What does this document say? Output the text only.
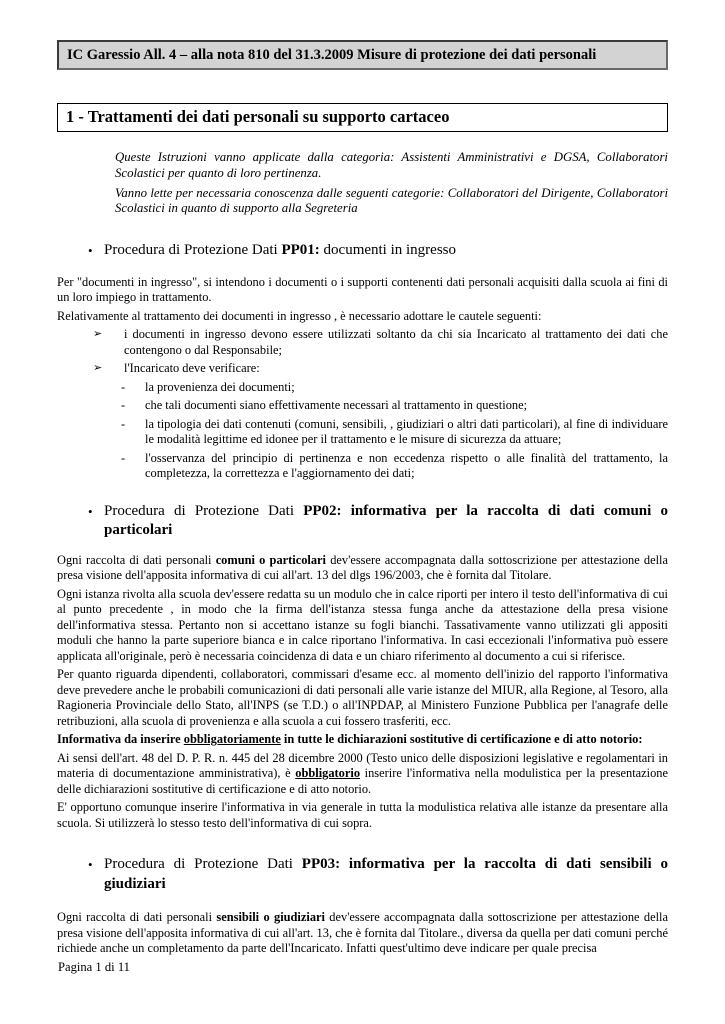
IC Garessio All. 4 – alla nota 810 del 31.3.2009 Misure di protezione dei dati personali
1 - Trattamenti dei dati personali su supporto cartaceo
Queste Istruzioni vanno applicate dalla categoria: Assistenti Amministrativi e DGSA, Collaboratori Scolastici per quanto di loro pertinenza.
Vanno lette per necessaria conoscenza dalle seguenti categorie: Collaboratori del Dirigente, Collaboratori Scolastici in quanto di supporto alla Segreteria
• Procedura di Protezione Dati PP01: documenti in ingresso
Per "documenti in ingresso", si intendono i documenti o i supporti contenenti dati personali acquisiti dalla scuola ai fini di un loro impiego in trattamento.
Relativamente al trattamento dei documenti in ingresso , è necessario adottare le cautele seguenti:
➢	i documenti in ingresso devono essere utilizzati soltanto da chi sia Incaricato al trattamento dei dati che contengono o dal Responsabile;
➢	l'Incaricato deve verificare:
-	la provenienza dei documenti;
-	che tali documenti siano effettivamente necessari al trattamento in questione;
-	la tipologia dei dati contenuti (comuni, sensibili, , giudiziari o altri dati particolari), al fine di individuare le modalità legittime ed idonee per il trattamento e le misure di sicurezza da attuare;
-	l'osservanza del principio di pertinenza e non eccedenza rispetto o alle finalità del trattamento, la completezza, la correttezza e l'aggiornamento dei dati;
• Procedura di Protezione Dati PP02: informativa per la raccolta di dati comuni o particolari
Ogni raccolta di dati personali comuni o particolari dev'essere accompagnata dalla sottoscrizione per attestazione della presa visione dell'apposita informativa di cui all'art. 13 del dlgs 196/2003, che è fornita dal Titolare.
Ogni istanza rivolta alla scuola dev'essere redatta su un modulo che in calce riporti per intero il testo dell'informativa di cui al punto precedente , in modo che la firma dell'istanza stessa funga anche da attestazione della presa visione dell'informativa stessa. Pertanto non si accettano istanze su fogli bianchi. Tassativamente vanno utilizzati gli appositi moduli che hanno la parte superiore bianca e in calce riportano l'informativa. In casi eccezionali l'informativa può essere applicata all'originale, però è necessaria coincidenza di data e un chiaro riferimento al documento a cui si riferisce.
Per quanto riguarda dipendenti, collaboratori, commissari d'esame ecc. al momento dell'inizio del rapporto l'informativa deve prevedere anche le probabili comunicazioni di dati personali alle varie istanze del MIUR, alla Regione, al Tesoro, alla Ragioneria Provinciale dello Stato, all'INPS (se T.D.) o all'INPDAP, al Ministero Funzione Pubblica per l'anagrafe delle retribuzioni, alla scuola di provenienza e alla scuola a cui fossero trasferiti, ecc.
Informativa da inserire obbligatoriamente in tutte le dichiarazioni sostitutive di certificazione e di atto notorio:
Ai sensi dell'art. 48 del D. P. R. n. 445 del 28 dicembre 2000 (Testo unico delle disposizioni legislative e regolamentari in materia di documentazione amministrativa), è obbligatorio inserire l'informativa nella modulistica per la presentazione delle dichiarazioni sostitutive di certificazione e di atto notorio.
E' opportuno comunque inserire l'informativa in via generale in tutta la modulistica relativa alle istanze da presentare alla scuola. Si utilizzerà lo stesso testo dell'informativa di cui sopra.
• Procedura di Protezione Dati PP03: informativa per la raccolta di dati sensibili o giudiziari
Ogni raccolta di dati personali sensibili o giudiziari dev'essere accompagnata dalla sottoscrizione per attestazione della presa visione dell'apposita informativa di cui all'art. 13, che è fornita dal Titolare., diversa da quella per dati comuni perché richiede anche un completamento da parte dell'Incaricato. Infatti quest'ultimo deve indicare per quale precisa
Pagina 1 di 11
